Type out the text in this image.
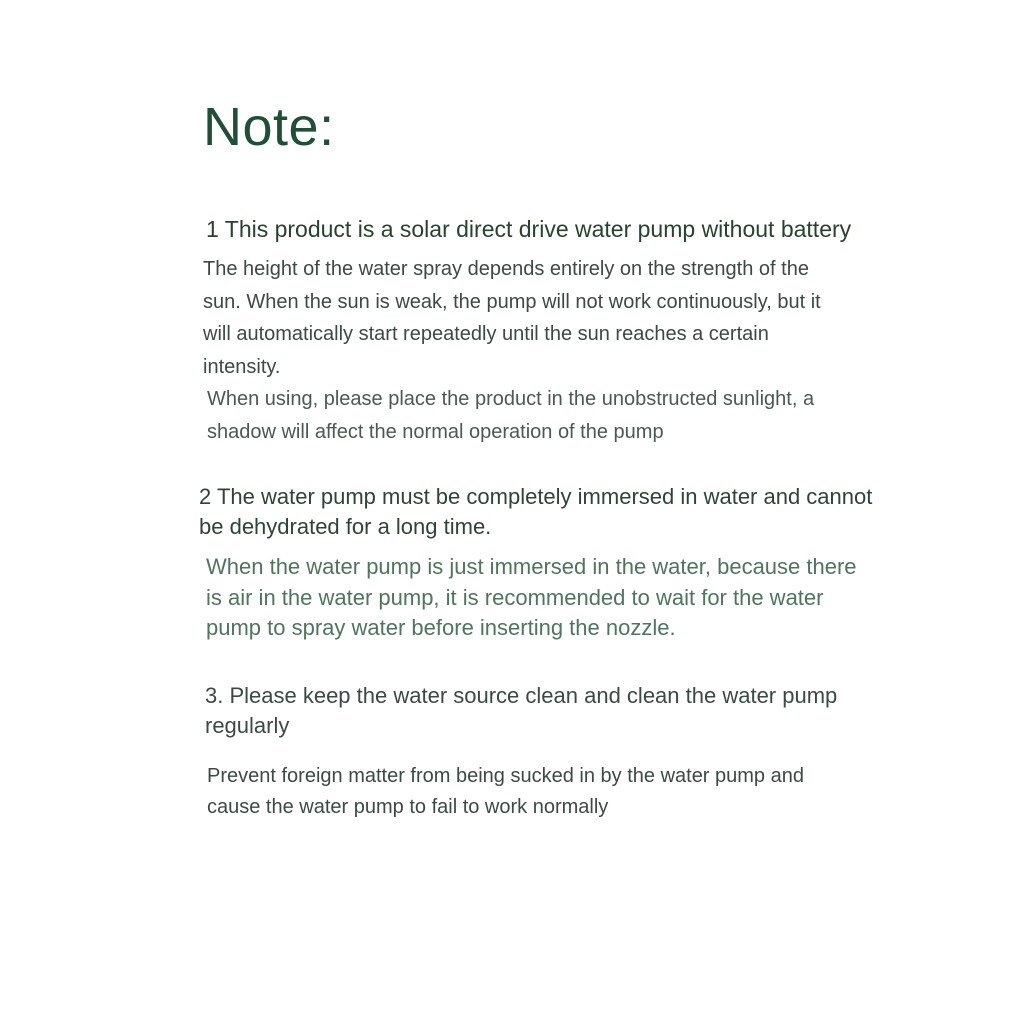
Note:
1 This product is a solar direct drive water pump without battery
The height of the water spray depends entirely on the strength of the
sun. When the sun is weak, the pump will not work continuously, but it
will automatically start repeatedly until the sun reaches a certain
intensity.
When using, please place the product in the unobstructed sunlight, a
shadow will affect the normal operation of the pump
2 The water pump must be completely immersed in water and cannot
be dehydrated for a long time.
When the water pump is just immersed in the water, because there
is air in the water pump, it is recommended to wait for the water
pump to spray water before inserting the nozzle.
3. Please keep the water source clean and clean the water pump
regularly
Prevent foreign matter from being sucked in by the water pump and
cause the water pump to fail to work normally
